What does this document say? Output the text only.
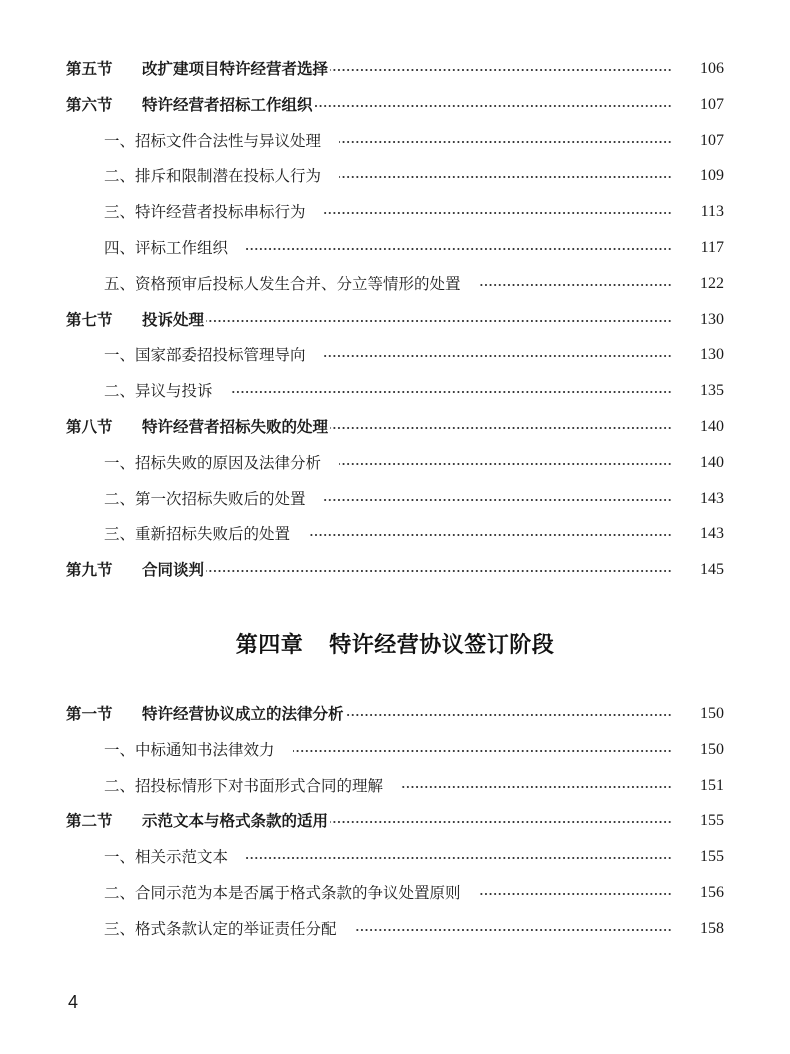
第五节	改扩建项目特许经营者选择	106
第六节	特许经营者招标工作组织	107
一、招标文件合法性与异议处理	107
二、排斥和限制潜在投标人行为	109
三、特许经营者投标串标行为	113
四、评标工作组织	117
五、资格预审后投标人发生合并、分立等情形的处置	122
第七节	投诉处理	130
一、国家部委招投标管理导向	130
二、异议与投诉	135
第八节	特许经营者招标失败的处理	140
一、招标失败的原因及法律分析	140
二、第一次招标失败后的处置	143
三、重新招标失败后的处置	143
第九节	合同谈判	145
第四章 特许经营协议签订阶段
第一节	特许经营协议成立的法律分析	150
一、中标通知书法律效力	150
二、招投标情形下对书面形式合同的理解	151
第二节	示范文本与格式条款的适用	155
一、相关示范文本	155
二、合同示范为本是否属于格式条款的争议处置原则	156
三、格式条款认定的举证责任分配	158
4
